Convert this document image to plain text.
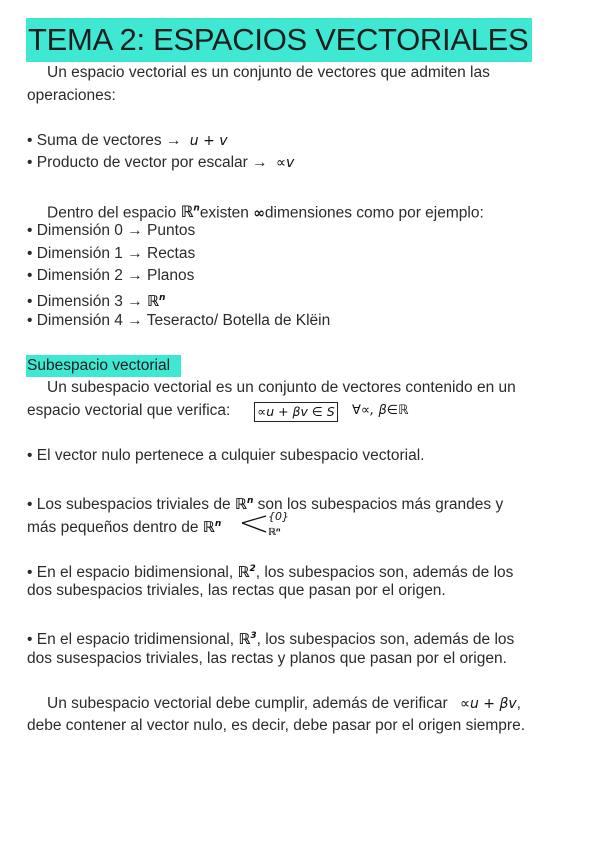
TEMA 2: ESPACIOS VECTORIALES
Un espacio vectorial es un conjunto de vectores que admiten las
operaciones:
• Suma de vectores → u + v
• Producto de vector por escalar → ∝v
Dentro del espacio ℝ$^n$existen ∞dimensiones como por ejemplo:
• Dimensión 0 → Puntos
• Dimensión 1 → Rectas
• Dimensión 2 → Planos
• Dimensión 3 → ℝ$^n$
• Dimensión 4 → Teseracto/ Botella de Klëin
Subespacio vectorial
Un subespacio vectorial es un conjunto de vectores contenido en un
espacio vectorial que verifica: ∝u + βv ∈ S ∀∝, β∈ℝ
• El vector nulo pertenece a culquier subespacio vectorial.
• Los subespacios triviales de ℝ$^n$ son los subespacios más grandes y
más pequeños dentro de ℝ$^n$
{0}
ℝⁿ
• En el espacio bidimensional, ℝ$^2$, los subespacios son, además de los
dos subespacios triviales, las rectas que pasan por el origen.
• En el espacio tridimensional, ℝ$^3$, los subespacios son, además de los
dos susespacios triviales, las rectas y planos que pasan por el origen.
Un subespacio vectorial debe cumplir, además de verificar ∝u + βv,
debe contener al vector nulo, es decir, debe pasar por el origen siempre.
